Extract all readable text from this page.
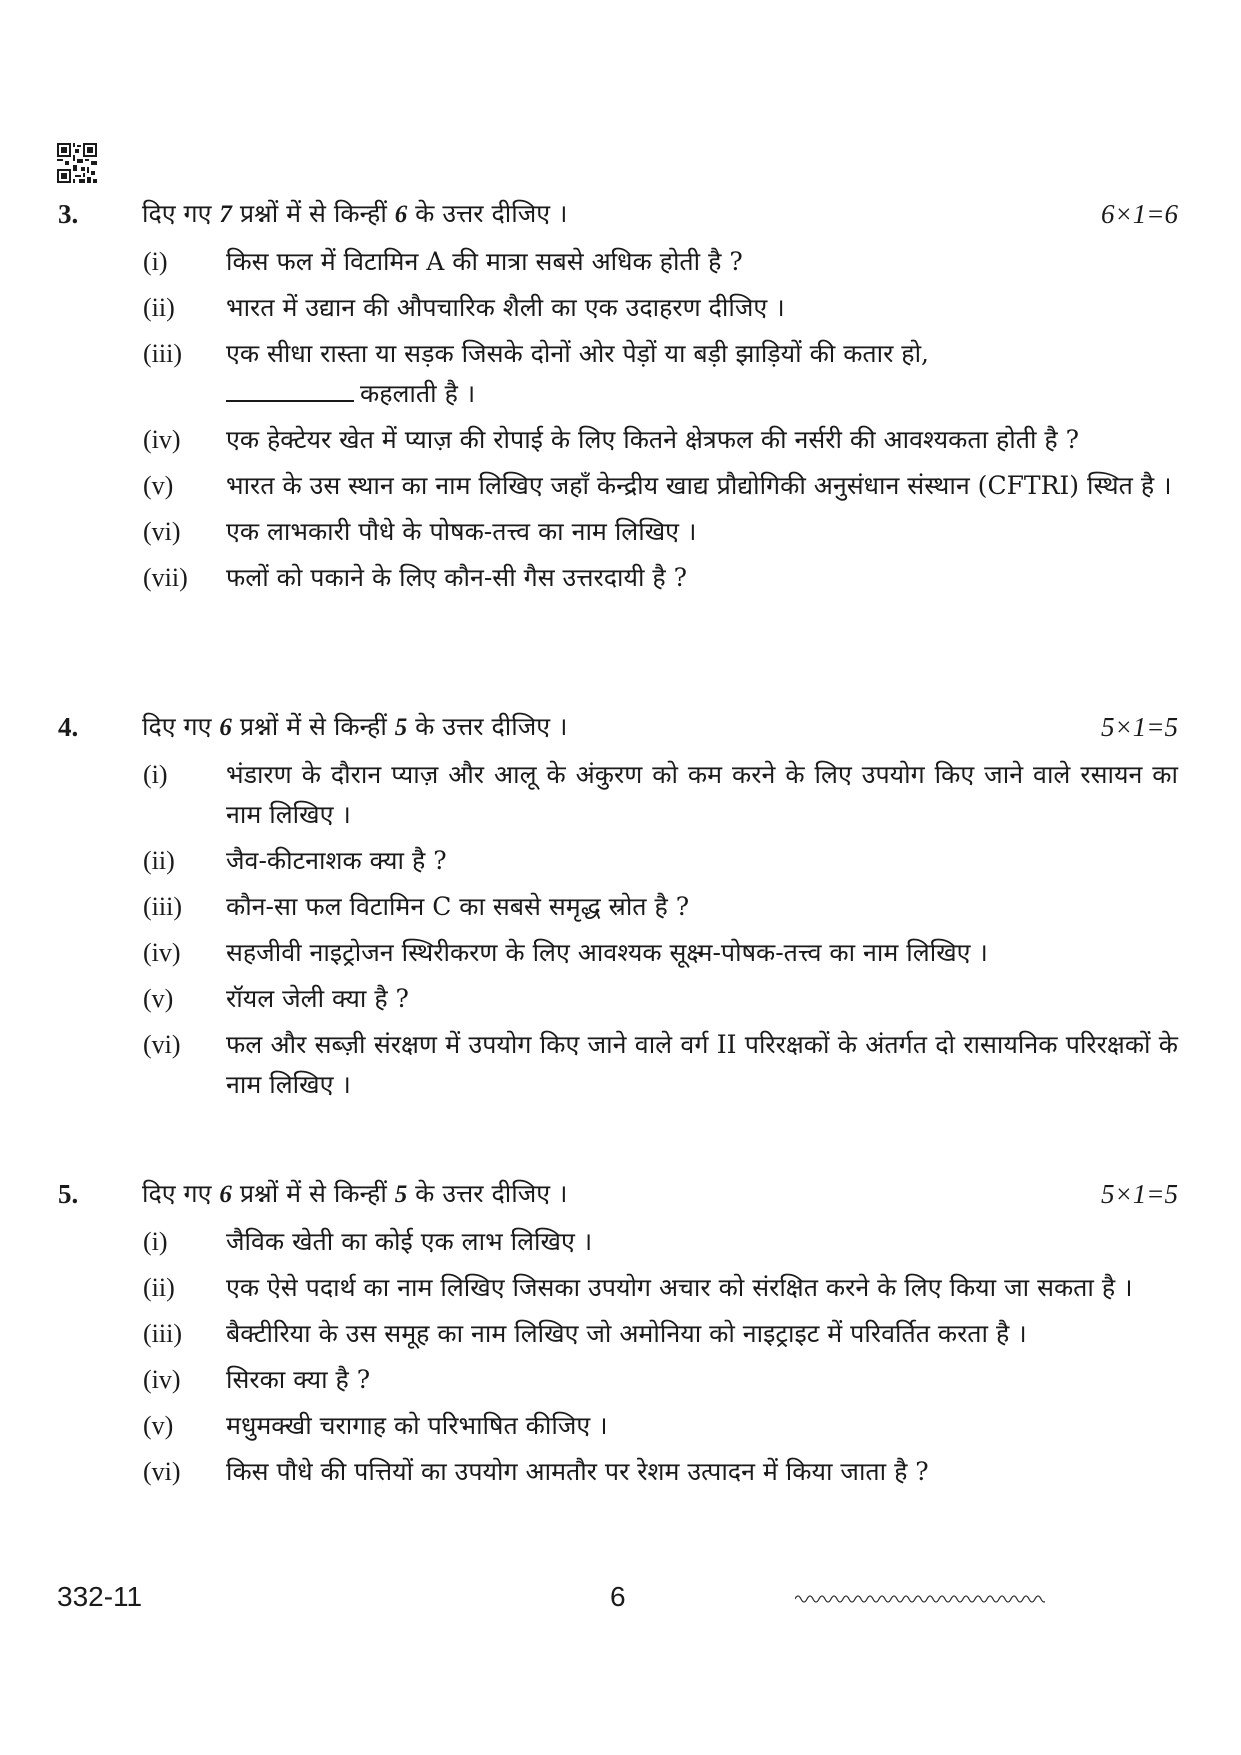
3.	दिए गए 7 प्रश्नों में से किन्हीं 6 के उत्तर दीजिए ।	6×1=6
(i) किस फल में विटामिन A की मात्रा सबसे अधिक होती है ?
(ii) भारत में उद्यान की औपचारिक शैली का एक उदाहरण दीजिए ।
(iii) एक सीधा रास्ता या सड़क जिसके दोनों ओर पेड़ों या बड़ी झाड़ियों की कतार हो,
कहलाती है ।
(iv) एक हेक्टेयर खेत में प्याज़ की रोपाई के लिए कितने क्षेत्रफल की नर्सरी की आवश्यकता होती है ?
(v) भारत के उस स्थान का नाम लिखिए जहाँ केन्द्रीय खाद्य प्रौद्योगिकी अनुसंधान संस्थान (CFTRI) स्थित है ।
(vi) एक लाभकारी पौधे के पोषक-तत्त्व का नाम लिखिए ।
(vii) फलों को पकाने के लिए कौन-सी गैस उत्तरदायी है ?
4.	दिए गए 6 प्रश्नों में से किन्हीं 5 के उत्तर दीजिए ।	5×1=5
(i) भंडारण के दौरान प्याज़ और आलू के अंकुरण को कम करने के लिए उपयोग किए जाने वाले रसायन का नाम लिखिए ।
(ii) जैव-कीटनाशक क्या है ?
(iii) कौन-सा फल विटामिन C का सबसे समृद्ध स्रोत है ?
(iv) सहजीवी नाइट्रोजन स्थिरीकरण के लिए आवश्यक सूक्ष्म-पोषक-तत्त्व का नाम लिखिए ।
(v) रॉयल जेली क्या है ?
(vi) फल और सब्ज़ी संरक्षण में उपयोग किए जाने वाले वर्ग II परिरक्षकों के अंतर्गत दो रासायनिक परिरक्षकों के नाम लिखिए ।
5.	दिए गए 6 प्रश्नों में से किन्हीं 5 के उत्तर दीजिए ।	5×1=5
(i) जैविक खेती का कोई एक लाभ लिखिए ।
(ii) एक ऐसे पदार्थ का नाम लिखिए जिसका उपयोग अचार को संरक्षित करने के लिए किया जा सकता है ।
(iii) बैक्टीरिया के उस समूह का नाम लिखिए जो अमोनिया को नाइट्राइट में परिवर्तित करता है ।
(iv) सिरका क्या है ?
(v) मधुमक्खी चरागाह को परिभाषित कीजिए ।
(vi) किस पौधे की पत्तियों का उपयोग आमतौर पर रेशम उत्पादन में किया जाता है ?
332-11	6
